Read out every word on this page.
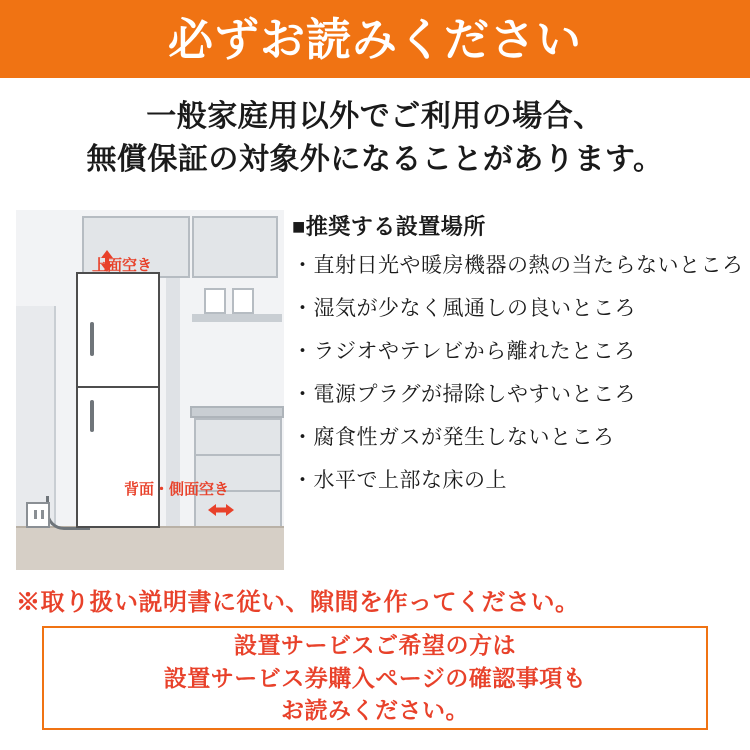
必ずお読みください
一般家庭用以外でご利用の場合、
無償保証の対象外になることがあります。
上面空き
背面・側面空き
■推奨する設置場所
・直射日光や暖房機器の熱の当たらないところ
・湿気が少なく風通しの良いところ
・ラジオやテレビから離れたところ
・電源プラグが掃除しやすいところ
・腐食性ガスが発生しないところ
・水平で上部な床の上
※取り扱い説明書に従い、隙間を作ってください。
設置サービスご希望の方は
設置サービス券購入ページの確認事項も
お読みください。
